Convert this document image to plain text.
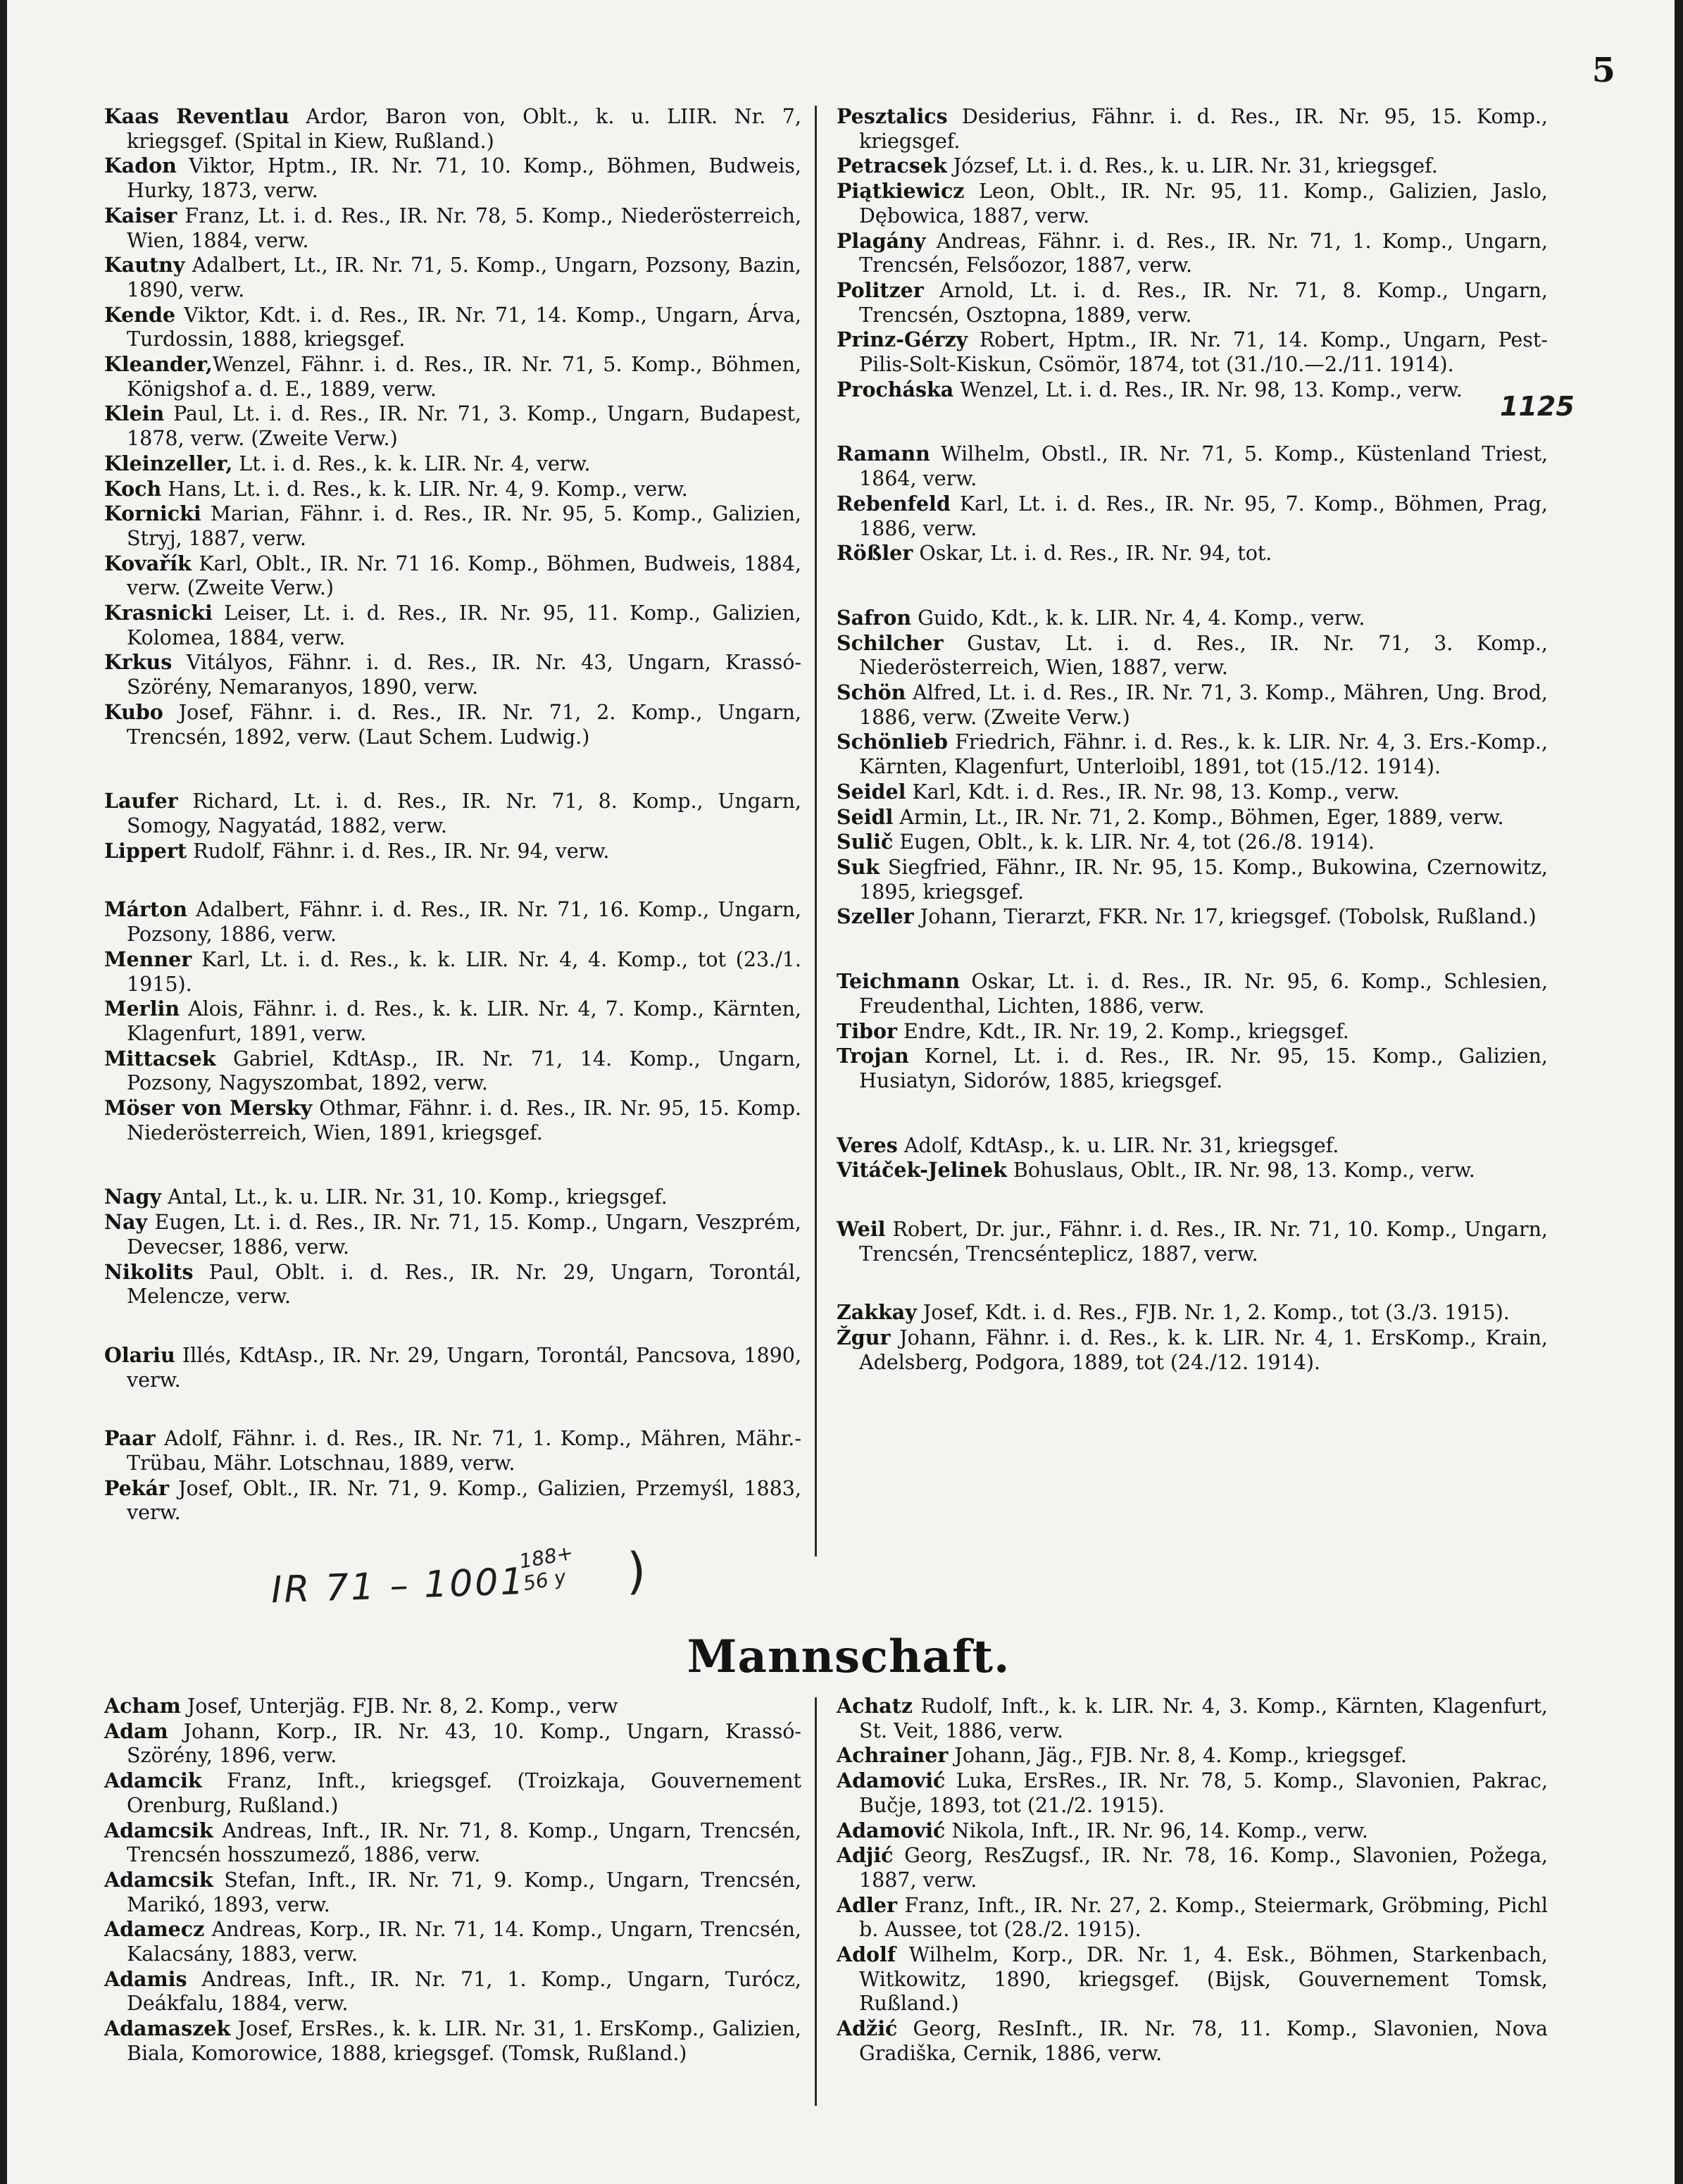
5

Kaas Reventlau Ardor, Baron von, Oblt., k. u. LIIR. Nr. 7, kriegsgef. (Spital in Kiew, Rußland.)

Kadon Viktor, Hptm., IR. Nr. 71, 10. Komp., Böhmen, Budweis, Hurky, 1873, verw.

Kaiser Franz, Lt. i. d. Res., IR. Nr. 78, 5. Komp., Niederösterreich, Wien, 1884, verw.

Kautny Adalbert, Lt., IR. Nr. 71, 5. Komp., Ungarn, Pozsony, Bazin, 1890, verw.

Kende Viktor, Kdt. i. d. Res., IR. Nr. 71, 14. Komp., Ungarn, Árva, Turdossin, 1888, kriegsgef.

Kleander,Wenzel, Fähnr. i. d. Res., IR. Nr. 71, 5. Komp., Böhmen, Königshof a. d. E., 1889, verw.

Klein Paul, Lt. i. d. Res., IR. Nr. 71, 3. Komp., Ungarn, Budapest, 1878, verw. (Zweite Verw.)

Kleinzeller, Lt. i. d. Res., k. k. LIR. Nr. 4, verw.

Koch Hans, Lt. i. d. Res., k. k. LIR. Nr. 4, 9. Komp., verw.

Kornicki Marian, Fähnr. i. d. Res., IR. Nr. 95, 5. Komp., Galizien, Stryj, 1887, verw.

Kovařík Karl, Oblt., IR. Nr. 71 16. Komp., Böhmen, Budweis, 1884, verw. (Zweite Verw.)

Krasnicki Leiser, Lt. i. d. Res., IR. Nr. 95, 11. Komp., Galizien, Kolomea, 1884, verw.

Krkus Vitályos, Fähnr. i. d. Res., IR. Nr. 43, Ungarn, Krassó-Szörény, Nemaranyos, 1890, verw.

Kubo Josef, Fähnr. i. d. Res., IR. Nr. 71, 2. Komp., Ungarn, Trencsén, 1892, verw. (Laut Schem. Ludwig.)

Laufer Richard, Lt. i. d. Res., IR. Nr. 71, 8. Komp., Ungarn, Somogy, Nagyatád, 1882, verw.

Lippert Rudolf, Fähnr. i. d. Res., IR. Nr. 94, verw.

Márton Adalbert, Fähnr. i. d. Res., IR. Nr. 71, 16. Komp., Ungarn, Pozsony, 1886, verw.

Menner Karl, Lt. i. d. Res., k. k. LIR. Nr. 4, 4. Komp., tot (23./1. 1915).

Merlin Alois, Fähnr. i. d. Res., k. k. LIR. Nr. 4, 7. Komp., Kärnten, Klagenfurt, 1891, verw.

Mittacsek Gabriel, KdtAsp., IR. Nr. 71, 14. Komp., Ungarn, Pozsony, Nagyszombat, 1892, verw.

Möser von Mersky Othmar, Fähnr. i. d. Res., IR. Nr. 95, 15. Komp. Niederösterreich, Wien, 1891, kriegsgef.

Nagy Antal, Lt., k. u. LIR. Nr. 31, 10. Komp., kriegsgef.

Nay Eugen, Lt. i. d. Res., IR. Nr. 71, 15. Komp., Ungarn, Veszprém, Devecser, 1886, verw.

Nikolits Paul, Oblt. i. d. Res., IR. Nr. 29, Ungarn, Torontál, Melencze, verw.

Olariu Illés, KdtAsp., IR. Nr. 29, Ungarn, Torontál, Pancsova, 1890, verw.

Paar Adolf, Fähnr. i. d. Res., IR. Nr. 71, 1. Komp., Mähren, Mähr.-Trübau, Mähr. Lotschnau, 1889, verw.

Pekár Josef, Oblt., IR. Nr. 71, 9. Komp., Galizien, Przemyśl, 1883, verw.

Pesztalics Desiderius, Fähnr. i. d. Res., IR. Nr. 95, 15. Komp., kriegsgef.

Petracsek József, Lt. i. d. Res., k. u. LIR. Nr. 31, kriegsgef.

Piątkiewicz Leon, Oblt., IR. Nr. 95, 11. Komp., Galizien, Jaslo, Dębowica, 1887, verw.

Plagány Andreas, Fähnr. i. d. Res., IR. Nr. 71, 1. Komp., Ungarn, Trencsén, Felsőozor, 1887, verw.

Politzer Arnold, Lt. i. d. Res., IR. Nr. 71, 8. Komp., Ungarn, Trencsén, Osztopna, 1889, verw.

Prinz-Gérzy Robert, Hptm., IR. Nr. 71, 14. Komp., Ungarn, Pest-Pilis-Solt-Kiskun, Csömör, 1874, tot (31./10.—2./11. 1914).

Procháska Wenzel, Lt. i. d. Res., IR. Nr. 98, 13. Komp., verw.

Ramann Wilhelm, Obstl., IR. Nr. 71, 5. Komp., Küstenland Triest, 1864, verw.

Rebenfeld Karl, Lt. i. d. Res., IR. Nr. 95, 7. Komp., Böhmen, Prag, 1886, verw.

Rößler Oskar, Lt. i. d. Res., IR. Nr. 94, tot.

Safron Guido, Kdt., k. k. LIR. Nr. 4, 4. Komp., verw.

Schilcher Gustav, Lt. i. d. Res., IR. Nr. 71, 3. Komp., Niederösterreich, Wien, 1887, verw.

Schön Alfred, Lt. i. d. Res., IR. Nr. 71, 3. Komp., Mähren, Ung. Brod, 1886, verw. (Zweite Verw.)

Schönlieb Friedrich, Fähnr. i. d. Res., k. k. LIR. Nr. 4, 3. Ers.-Komp., Kärnten, Klagenfurt, Unterloibl, 1891, tot (15./12. 1914).

Seidel Karl, Kdt. i. d. Res., IR. Nr. 98, 13. Komp., verw.

Seidl Armin, Lt., IR. Nr. 71, 2. Komp., Böhmen, Eger, 1889, verw.

Sulič Eugen, Oblt., k. k. LIR. Nr. 4, tot (26./8. 1914).

Suk Siegfried, Fähnr., IR. Nr. 95, 15. Komp., Bukowina, Czernowitz, 1895, kriegsgef.

Szeller Johann, Tierarzt, FKR. Nr. 17, kriegsgef. (Tobolsk, Rußland.)

Teichmann Oskar, Lt. i. d. Res., IR. Nr. 95, 6. Komp., Schlesien, Freudenthal, Lichten, 1886, verw.

Tibor Endre, Kdt., IR. Nr. 19, 2. Komp., kriegsgef.

Trojan Kornel, Lt. i. d. Res., IR. Nr. 95, 15. Komp., Galizien, Husiatyn, Sidorów, 1885, kriegsgef.

Veres Adolf, KdtAsp., k. u. LIR. Nr. 31, kriegsgef.

Vitáček-Jelinek Bohuslaus, Oblt., IR. Nr. 98, 13. Komp., verw.

Weil Robert, Dr. jur., Fähnr. i. d. Res., IR. Nr. 71, 10. Komp., Ungarn, Trencsén, Trencsénteplicz, 1887, verw.

Zakkay Josef, Kdt. i. d. Res., FJB. Nr. 1, 2. Komp., tot (3./3. 1915).

Žgur Johann, Fähnr. i. d. Res., k. k. LIR. Nr. 4, 1. ErsKomp., Krain, Adelsberg, Podgora, 1889, tot (24./12. 1914).

1125

IR 71 – 1001

188+
56 y )

Mannschaft.

Acham Josef, Unterjäg. FJB. Nr. 8, 2. Komp., verw

Adam Johann, Korp., IR. Nr. 43, 10. Komp., Ungarn, Krassó-Szörény, 1896, verw.

Adamcik Franz, Inft., kriegsgef. (Troizkaja, Gouvernement Orenburg, Rußland.)

Adamcsik Andreas, Inft., IR. Nr. 71, 8. Komp., Ungarn, Trencsén, Trencsén hosszumező, 1886, verw.

Adamcsik Stefan, Inft., IR. Nr. 71, 9. Komp., Ungarn, Trencsén, Marikó, 1893, verw.

Adamecz Andreas, Korp., IR. Nr. 71, 14. Komp., Ungarn, Trencsén, Kalacsány, 1883, verw.

Adamis Andreas, Inft., IR. Nr. 71, 1. Komp., Ungarn, Turócz, Deákfalu, 1884, verw.

Adamaszek Josef, ErsRes., k. k. LIR. Nr. 31, 1. ErsKomp., Galizien, Biala, Komorowice, 1888, kriegsgef. (Tomsk, Rußland.)

Achatz Rudolf, Inft., k. k. LIR. Nr. 4, 3. Komp., Kärnten, Klagenfurt, St. Veit, 1886, verw.

Achrainer Johann, Jäg., FJB. Nr. 8, 4. Komp., kriegsgef.

Adamović Luka, ErsRes., IR. Nr. 78, 5. Komp., Slavonien, Pakrac, Bučje, 1893, tot (21./2. 1915).

Adamović Nikola, Inft., IR. Nr. 96, 14. Komp., verw.

Adjić Georg, ResZugsf., IR. Nr. 78, 16. Komp., Slavonien, Požega, 1887, verw.

Adler Franz, Inft., IR. Nr. 27, 2. Komp., Steiermark, Gröbming, Pichl b. Aussee, tot (28./2. 1915).

Adolf Wilhelm, Korp., DR. Nr. 1, 4. Esk., Böhmen, Starkenbach, Witkowitz, 1890, kriegsgef. (Bijsk, Gouvernement Tomsk, Rußland.)

Adžić Georg, ResInft., IR. Nr. 78, 11. Komp., Slavonien, Nova Gradiška, Cernik, 1886, verw.
